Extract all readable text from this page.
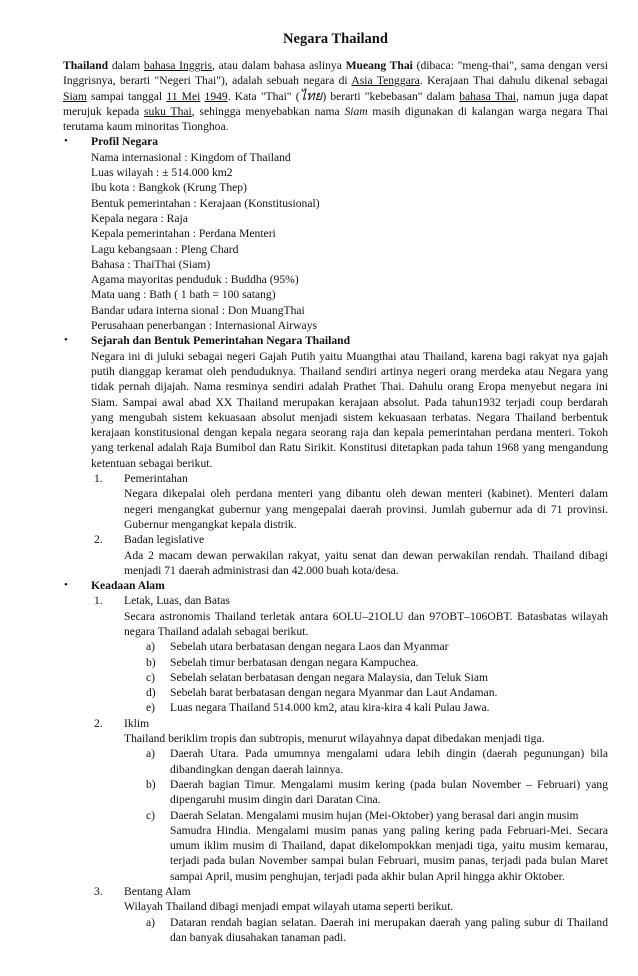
Negara Thailand

Thailand dalam bahasa Inggris, atau dalam bahasa aslinya Mueang Thai (dibaca: "meng-thai", sama dengan versi Inggrisnya, berarti "Negeri Thai"), adalah sebuah negara di Asia Tenggara. Kerajaan Thai dahulu dikenal sebagai Siam sampai tanggal 11 Mei 1949. Kata "Thai" (ไทย) berarti "kebebasan" dalam bahasa Thai, namun juga dapat merujuk kepada suku Thai, sehingga menyebabkan nama Siam masih digunakan di kalangan warga negara Thai terutama kaum minoritas Tionghoa.

• Profil Negara
Nama internasional : Kingdom of Thailand
Luas wilayah : ± 514.000 km2
Ibu kota : Bangkok (Krung Thep)
Bentuk pemerintahan : Kerajaan (Konstitusional)
Kepala negara : Raja
Kepala pemerintahan : Perdana Menteri
Lagu kebangsaan : Pleng Chard
Bahasa : ThaiThai (Siam)
Agama mayoritas penduduk : Buddha (95%)
Mata uang : Bath ( 1 bath = 100 satang)
Bandar udara interna sional : Don MuangThai
Perusahaan penerbangan : Internasional Airways
• Sejarah dan Bentuk Pemerintahan Negara Thailand

Negara ini di juluki sebagai negeri Gajah Putih yaitu Muangthai atau Thailand, karena bagi rakyat nya gajah putih dianggap keramat oleh penduduknya. Thailand sendiri artinya negeri orang merdeka atau Negara yang tidak pernah dijajah. Nama resminya sendiri adalah Prathet Thai. Dahulu orang Eropa menyebut negara ini Siam. Sampai awal abad XX Thailand merupakan kerajaan absolut. Pada tahun1932 terjadi coup berdarah yang mengubah sistem kekuasaan absolut menjadi sistem kekuasaan terbatas. Negara Thailand berbentuk kerajaan konstitusional dengan kepala negara seorang raja dan kepala pemerintahan perdana menteri. Tokoh yang terkenal adalah Raja Bumibol dan Ratu Sirikit. Konstitusi ditetapkan pada tahun 1968 yang mengandung ketentuan sebagai berikut.

1. Pemerintahan

Negara dikepalai oleh perdana menteri yang dibantu oleh dewan menteri (kabinet). Menteri dalam negeri mengangkat gubernur yang mengepalai daerah provinsi. Jumlah gubernur ada di 71 provinsi. Gubernur mengangkat kepala distrik.

2. Badan legislative

Ada 2 macam dewan perwakilan rakyat, yaitu senat dan dewan perwakilan rendah. Thailand dibagi menjadi 71 daerah administrasi dan 42.000 buah kota/desa.

• Keadaan Alam
1. Letak, Luas, dan Batas

Secara astronomis Thailand terletak antara 6OLU–21OLU dan 97OBT–106OBT. Batasbatas wilayah negara Thailand adalah sebagai berikut.

a) Sebelah utara berbatasan dengan negara Laos dan Myanmar
b) Sebelah timur berbatasan dengan negara Kampuchea.
c) Sebelah selatan berbatasan dengan negara Malaysia, dan Teluk Siam
d) Sebelah barat berbatasan dengan negara Myanmar dan Laut Andaman.
e) Luas negara Thailand 514.000 km2, atau kira-kira 4 kali Pulau Jawa.
2. Iklim

Thailand beriklim tropis dan subtropis, menurut wilayahnya dapat dibedakan menjadi tiga.

a) Daerah Utara. Pada umumnya mengalami udara lebih dingin (daerah pegunungan) bila dibandingkan dengan daerah lainnya.
b) Daerah bagian Timur. Mengalami musim kering (pada bulan November – Februari) yang dipengaruhi musim dingin dari Daratan Cina.
c) Daerah Selatan. Mengalami musim hujan (Mei-Oktober) yang berasal dari angin musim
Samudra Hindia. Mengalami musim panas yang paling kering pada Februari-Mei. Secara umum iklim musim di Thailand, dapat dikelompokkan menjadi tiga, yaitu musim kemarau, terjadi pada bulan November sampai bulan Februari, musim panas, terjadi pada bulan Maret sampai April, musim penghujan, terjadi pada akhir bulan April hingga akhir Oktober.
3. Bentang Alam

Wilayah Thailand dibagi menjadi empat wilayah utama seperti berikut.

a) Dataran rendah bagian selatan. Daerah ini merupakan daerah yang paling subur di Thailand dan banyak diusahakan tanaman padi.
